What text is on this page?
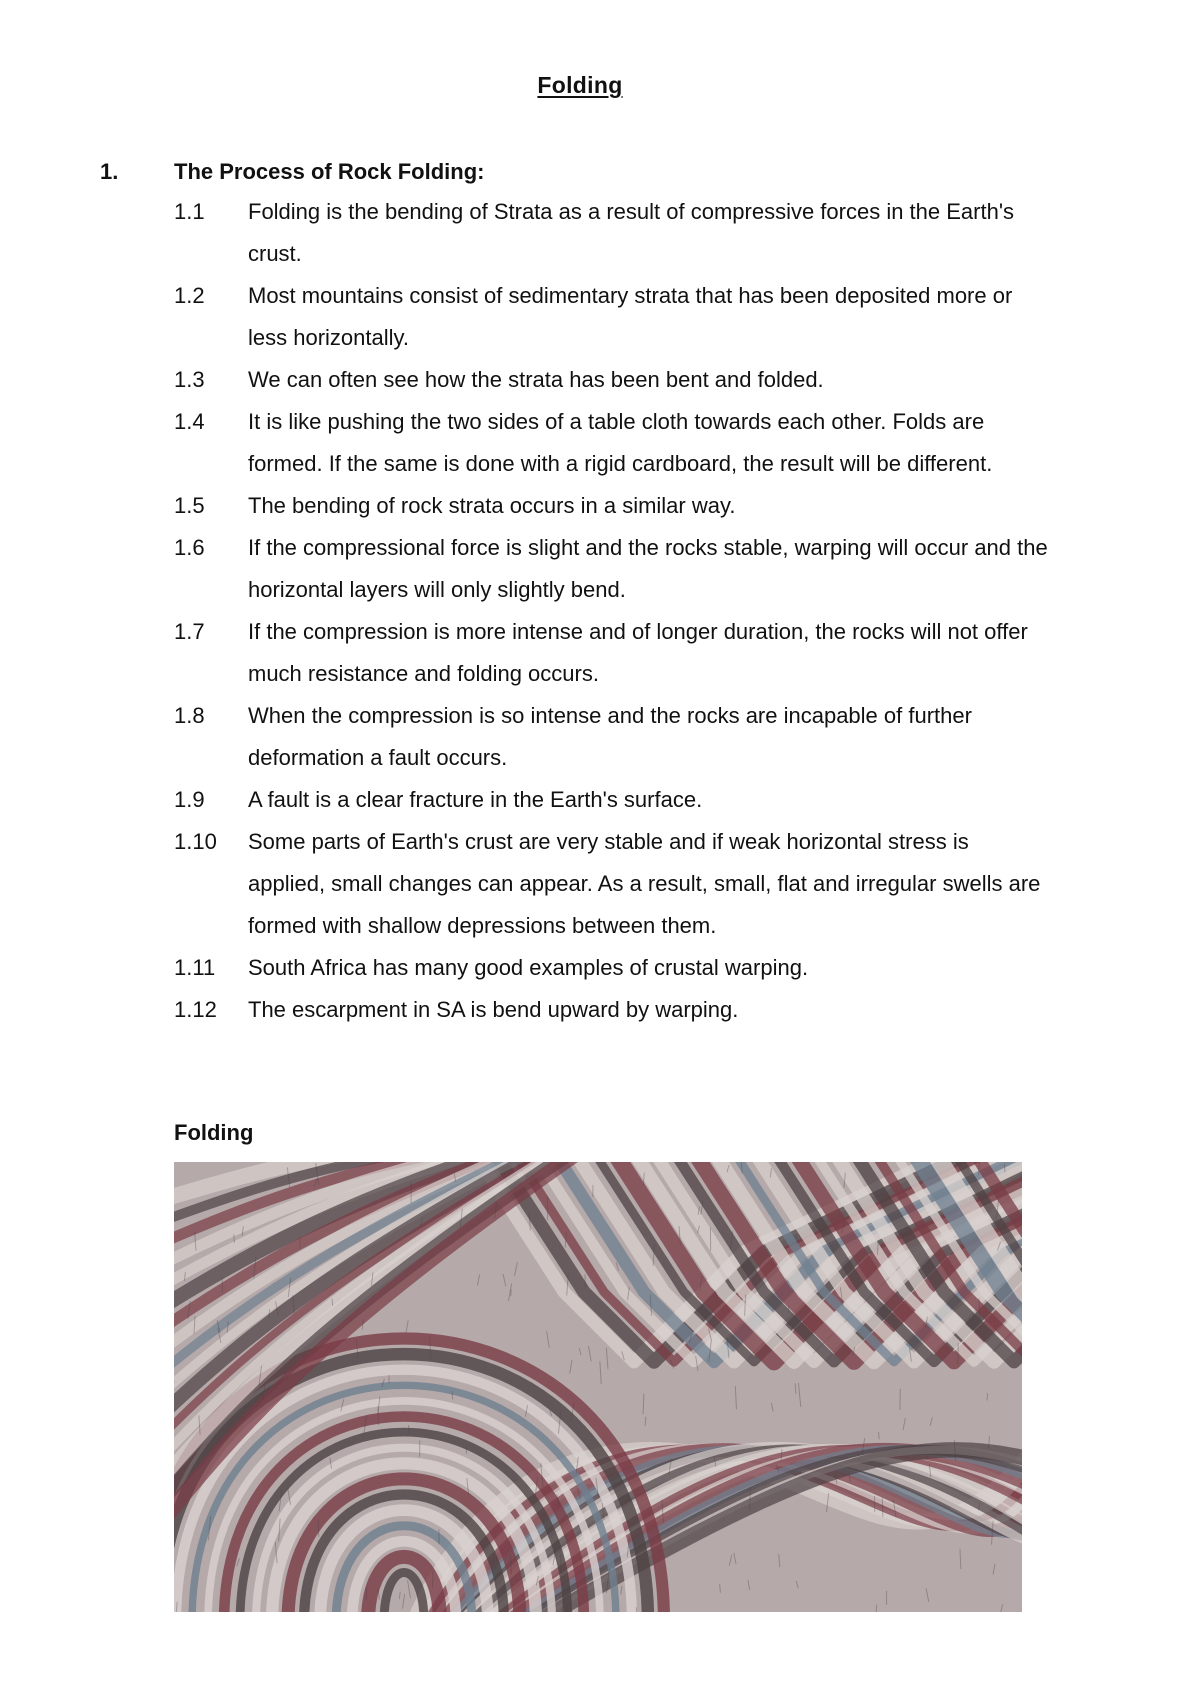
Folding
1.	The Process of Rock Folding:
1.1	Folding is the bending of Strata as a result of compressive forces in the Earth's crust.
1.2	Most mountains consist of sedimentary strata that has been deposited more or less horizontally.
1.3	We can often see how the strata has been bent and folded.
1.4	It is like pushing the two sides of a table cloth towards each other. Folds are formed. If the same is done with a rigid cardboard, the result will be different.
1.5	The bending of rock strata occurs in a similar way.
1.6	If the compressional force is slight and the rocks stable, warping will occur and the horizontal layers will only slightly bend.
1.7	If the compression is more intense and of longer duration, the rocks will not offer much resistance and folding occurs.
1.8	When the compression is so intense and the rocks are incapable of further deformation a fault occurs.
1.9	A fault is a clear fracture in the Earth's surface.
1.10	Some parts of Earth's crust are very stable and if weak horizontal stress is applied, small changes can appear. As a result, small, flat and irregular swells are formed with shallow depressions between them.
1.11	South Africa has many good examples of crustal warping.
1.12	The escarpment in SA is bend upward by warping.
Folding
